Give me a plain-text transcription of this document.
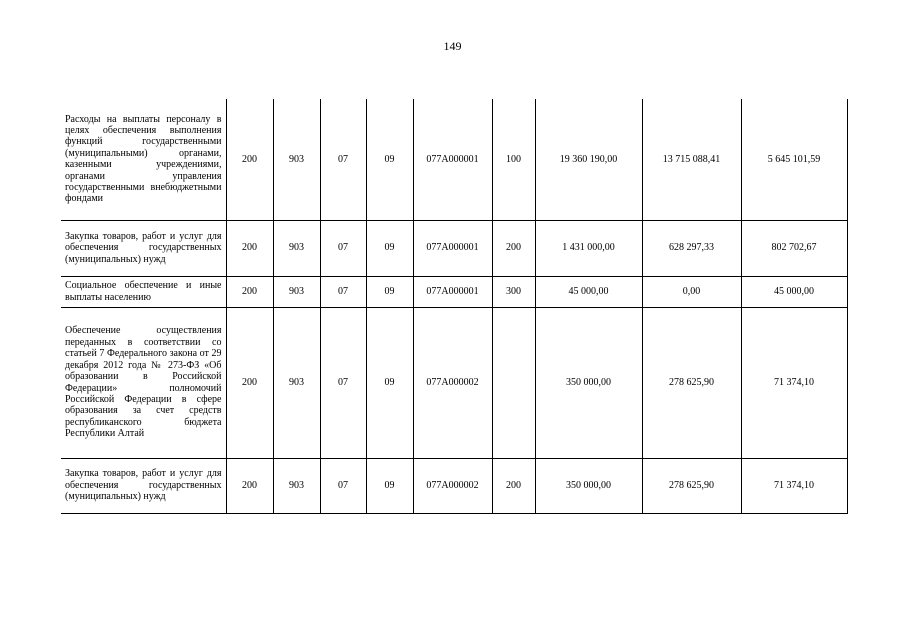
149
Расходы на выплаты персоналу в целях обеспечения выполнения функций государственными (муниципальными) органами, казенными учреждениями, органами управления государственными внебюджетными фондами	200	903	07	09	077А000001	100	19 360 190,00	13 715 088,41	5 645 101,59
Закупка товаров, работ и услуг для обеспечения государственных (муниципальных) нужд	200	903	07	09	077А000001	200	1 431 000,00	628 297,33	802 702,67
Социальное обеспечение и иные выплаты населению	200	903	07	09	077А000001	300	45 000,00	0,00	45 000,00
Обеспечение осуществления переданных в соответствии со статьей 7 Федерального закона от 29 декабря 2012 года № 273-ФЗ «Об образовании в Российской Федерации» полномочий Российской Федерации в сфере образования за счет средств республиканского бюджета Республики Алтай	200	903	07	09	077А000002		350 000,00	278 625,90	71 374,10
Закупка товаров, работ и услуг для обеспечения государственных (муниципальных) нужд	200	903	07	09	077А000002	200	350 000,00	278 625,90	71 374,10
